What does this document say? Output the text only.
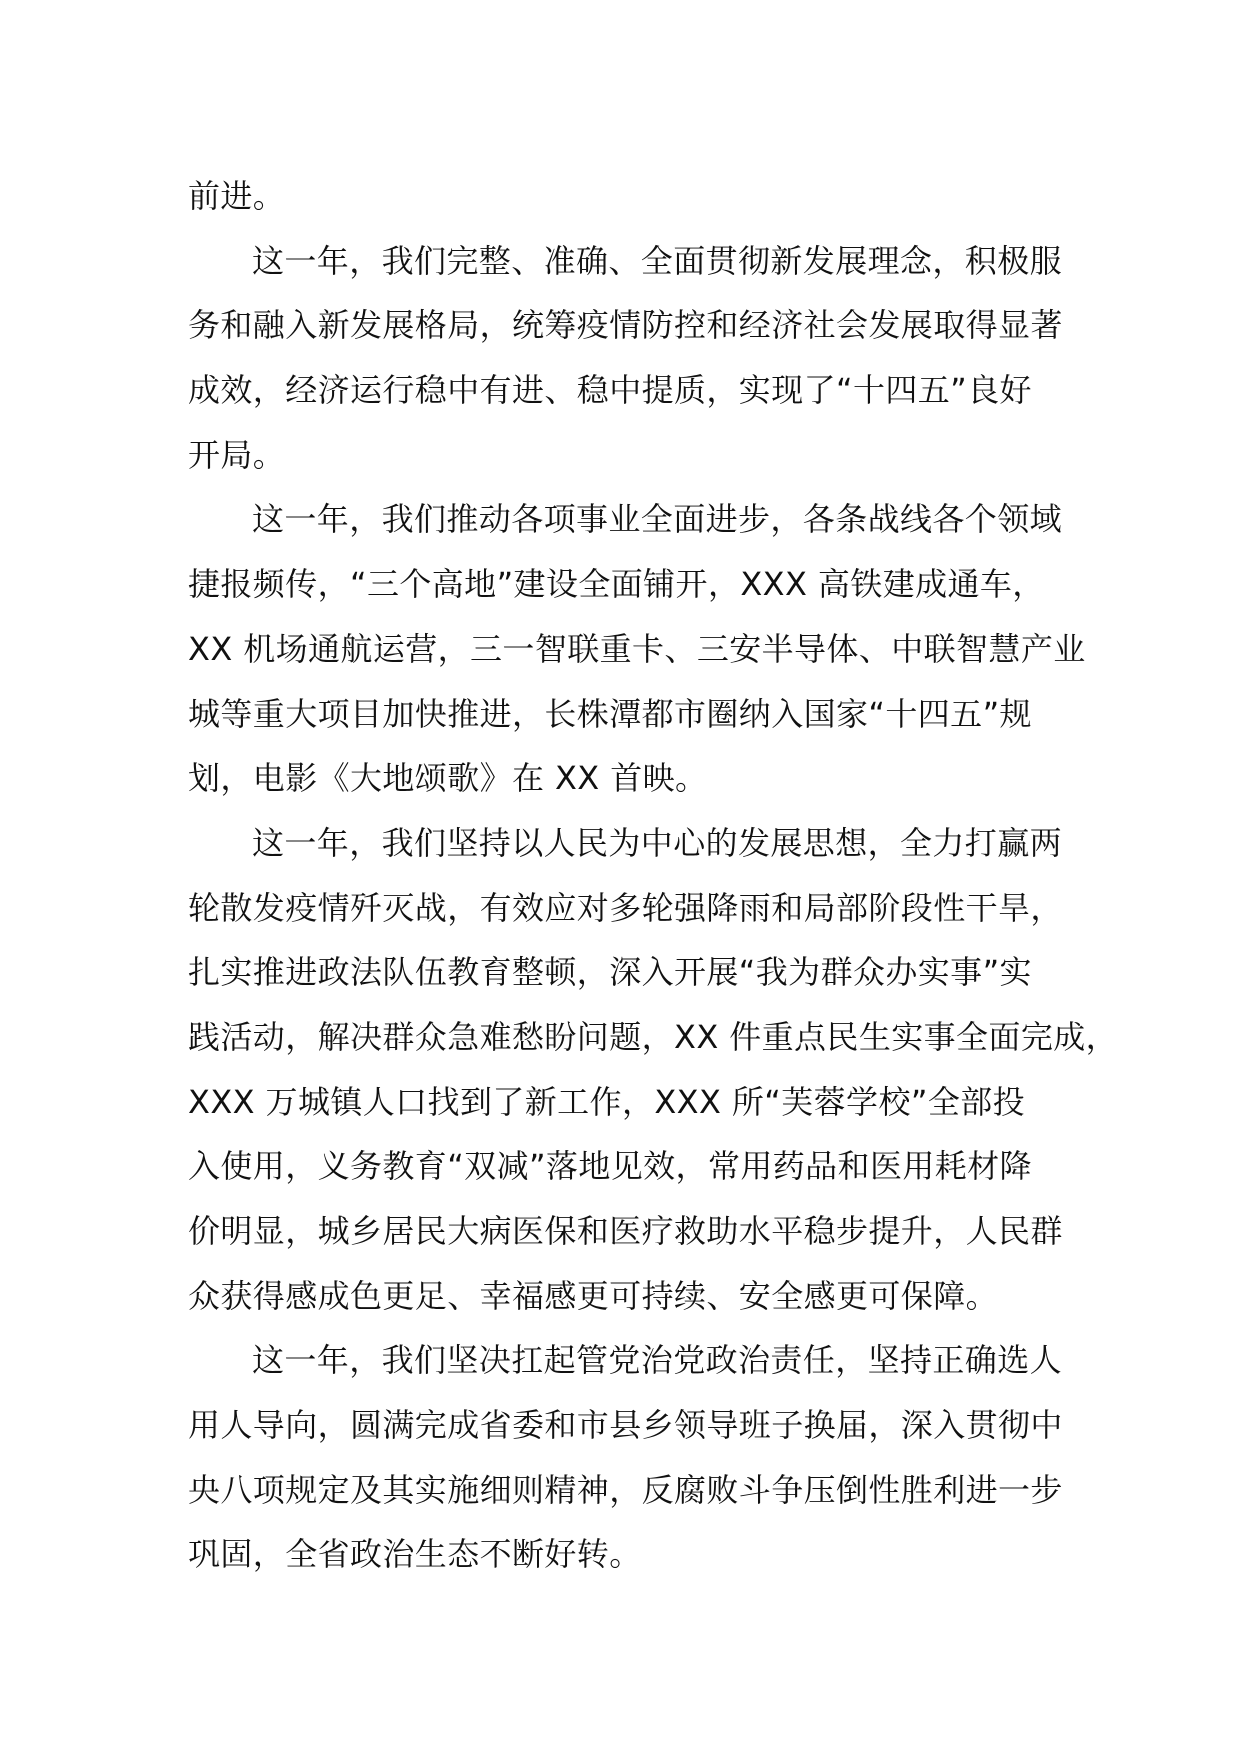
前进。
这一年，我们完整、准确、全面贯彻新发展理念，积极服
务和融入新发展格局，统筹疫情防控和经济社会发展取得显著
成效，经济运行稳中有进、稳中提质，实现了“十四五”良好
开局。
这一年，我们推动各项事业全面进步，各条战线各个领域
捷报频传，“三个高地”建设全面铺开，XXX 高铁建成通车，
XX 机场通航运营，三一智联重卡、三安半导体、中联智慧产业
城等重大项目加快推进，长株潭都市圈纳入国家“十四五”规
划，电影《大地颂歌》在 XX 首映。
这一年，我们坚持以人民为中心的发展思想，全力打赢两
轮散发疫情歼灭战，有效应对多轮强降雨和局部阶段性干旱，
扎实推进政法队伍教育整顿，深入开展“我为群众办实事”实
践活动，解决群众急难愁盼问题，XX 件重点民生实事全面完成，
XXX 万城镇人口找到了新工作，XXX 所“芙蓉学校”全部投
入使用，义务教育“双减”落地见效，常用药品和医用耗材降
价明显，城乡居民大病医保和医疗救助水平稳步提升，人民群
众获得感成色更足、幸福感更可持续、安全感更可保障。
这一年，我们坚决扛起管党治党政治责任，坚持正确选人
用人导向，圆满完成省委和市县乡领导班子换届，深入贯彻中
央八项规定及其实施细则精神，反腐败斗争压倒性胜利进一步
巩固，全省政治生态不断好转。
